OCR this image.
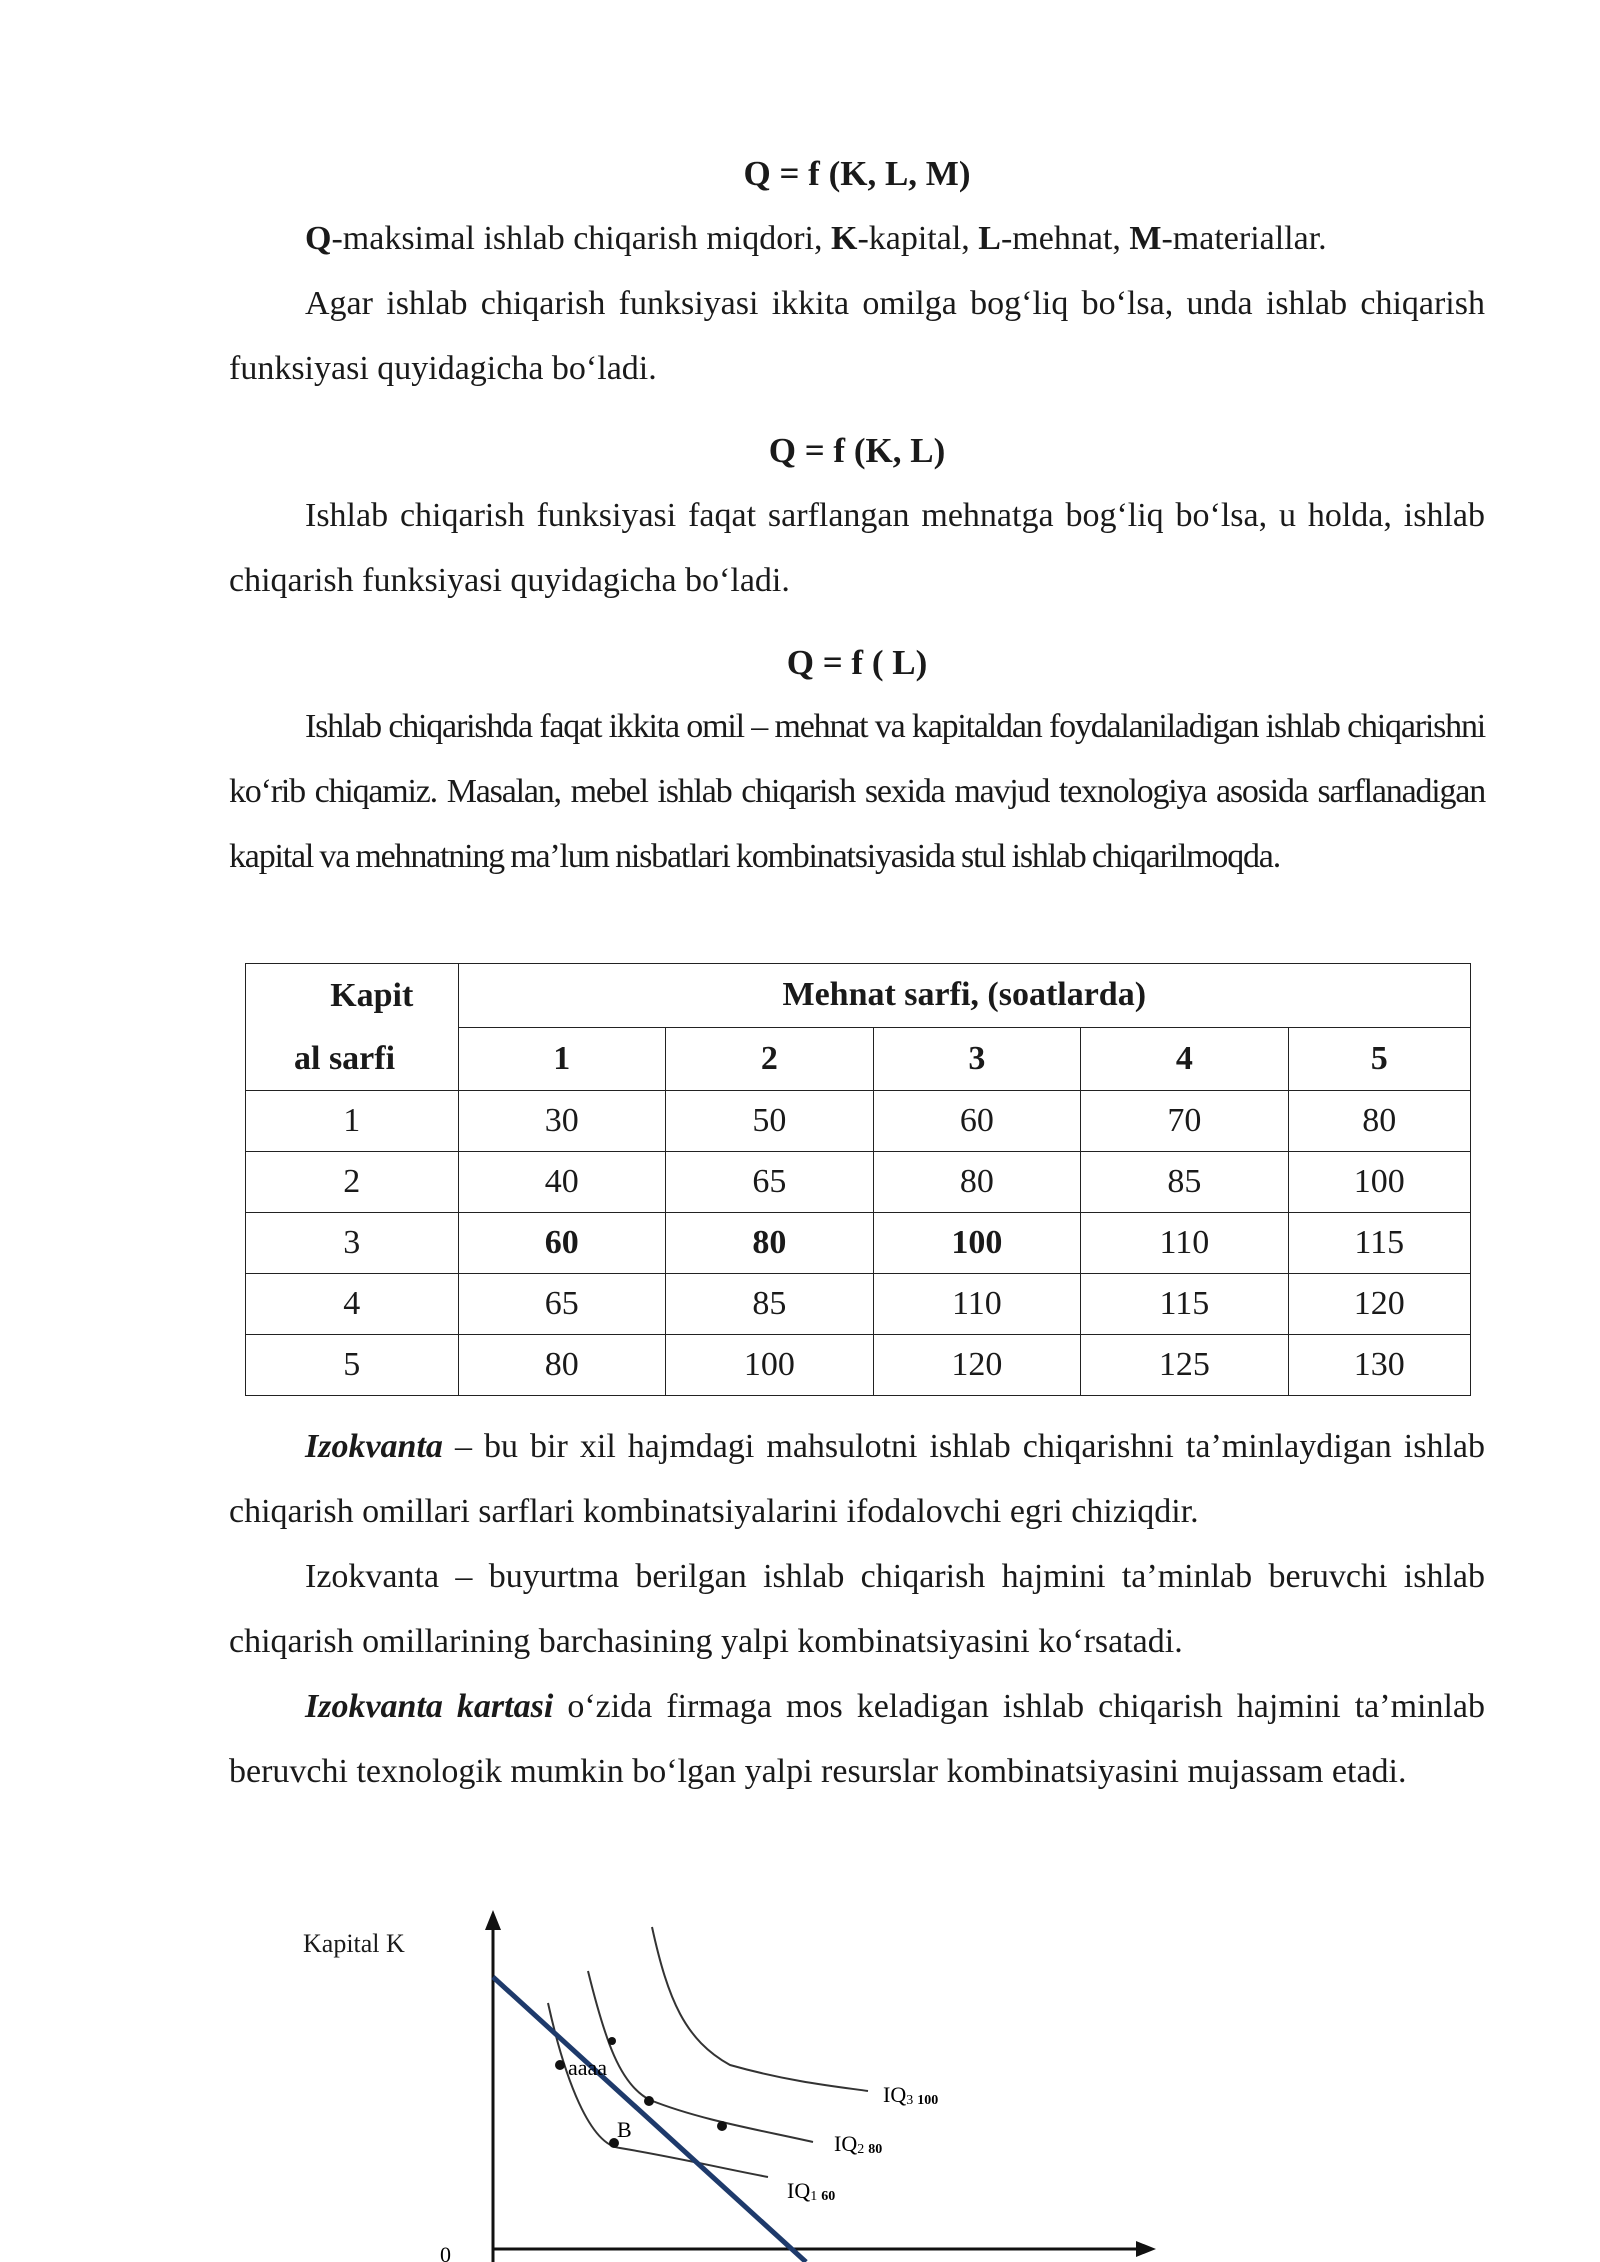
Q = f (K, L, M)

Q-maksimal ishlab chiqarish miqdori, K-kapital, L-mehnat, M-materiallar.

Agar ishlab chiqarish funksiyasi ikkita omilga bog‘liq bo‘lsa, unda ishlab chiqarish funksiyasi quyidagicha bo‘ladi.

Q = f (K, L)

Ishlab chiqarish funksiyasi faqat sarflangan mehnatga bog‘liq bo‘lsa, u holda, ishlab chiqarish funksiyasi quyidagicha bo‘ladi.

Q = f ( L)

Ishlab chiqarishda faqat ikkita omil – mehnat va kapitaldan foydalaniladigan ishlab chiqarishni ko‘rib chiqamiz. Masalan, mebel ishlab chiqarish sexida mavjud texnologiya asosida sarflanadigan kapital va mehnatning ma’lum nisbatlari kombinatsiyasida stul ishlab chiqarilmoqda.

Izokvanta – bu bir xil hajmdagi mahsulotni ishlab chiqarishni ta’minlaydigan ishlab chiqarish omillari sarflari kombinatsiyalarini ifodalovchi egri chiziqdir.

Izokvanta – buyurtma berilgan ishlab chiqarish hajmini ta’minlab beruvchi ishlab chiqarish omillarining barchasining yalpi kombinatsiyasini ko‘rsatadi.

Izokvanta kartasi o‘zida firmaga mos keladigan ishlab chiqarish hajmini ta’minlab beruvchi texnologik mumkin bo‘lgan yalpi resurslar kombinatsiyasini mujassam etadi.

Kapit
al sarfi	Mehnat sarfi, (soatlarda)				
	1	2	3	4	5
1	30	50	60	70	80
2	40	65	80	85	100
3	60	80	100	110	115
4	65	85	110	115	120
5	80	100	120	125	130
Kapital K
0
aaaa
B
IQ1 60
IQ2 80
IQ3 100
